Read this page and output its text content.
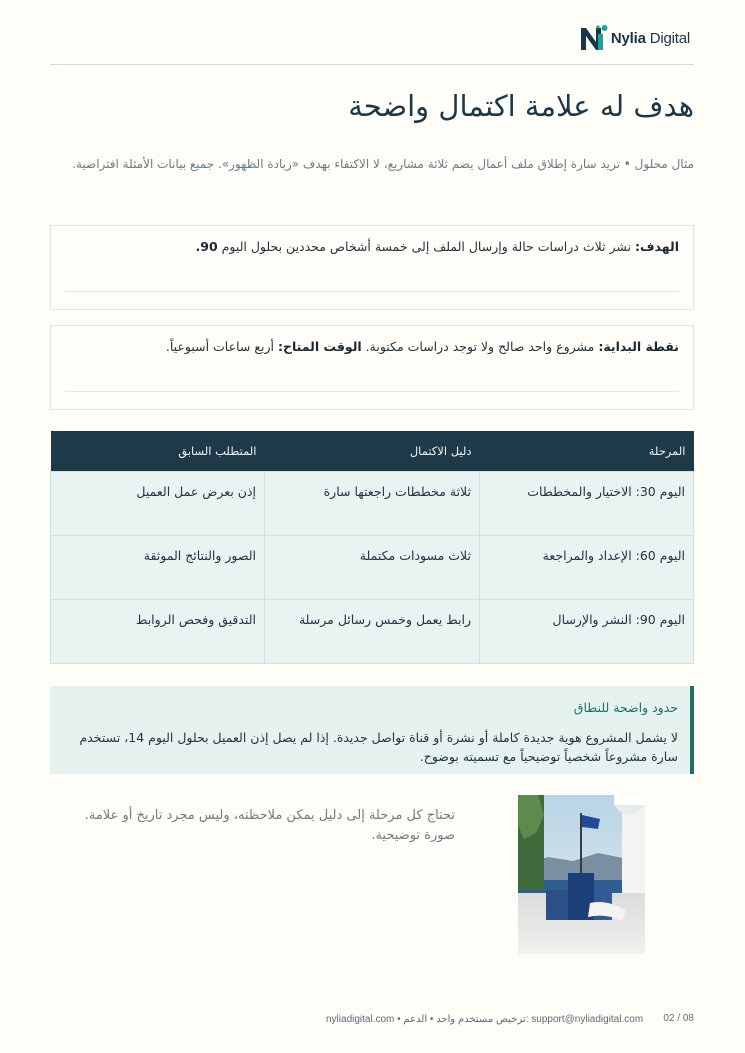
Nylia Digital
هدف له علامة اكتمال واضحة
مثال محلول • تريد سارة إطلاق ملف أعمال يضم ثلاثة مشاريع، لا الاكتفاء بهدف «زيادة الظهور». جميع بيانات الأمثلة افتراضية.

الهدف: نشر ثلاث دراسات حالة وإرسال الملف إلى خمسة أشخاص محددين بحلول اليوم 90.

نقطة البداية: مشروع واحد صالح ولا توجد دراسات مكتوبة. الوقت المتاح: أربع ساعات أسبوعياً.

المرحلة	دليل الاكتمال	المتطلب السابق
اليوم 30: الاختيار والمخططات	ثلاثة مخططات راجعتها سارة	إذن بعرض عمل العميل
اليوم 60: الإعداد والمراجعة	ثلاث مسودات مكتملة	الصور والنتائج الموثقة
اليوم 90: النشر والإرسال	رابط يعمل وخمس رسائل مرسلة	التدقيق وفحص الروابط
حدود واضحة للنطاق

لا يشمل المشروع هوية جديدة كاملة أو نشرة أو قناة تواصل جديدة. إذا لم يصل إذن العميل بحلول اليوم 14، تستخدم سارة مشروعاً شخصياً توضيحياً مع تسميته بوضوح.

تحتاج كل مرحلة إلى دليل يمكن ملاحظته، وليس مجرد تاريخ أو علامة. صورة توضيحية.
nyliadigital.com • ترخيص مستخدم واحد • الدعم: support@nyliadigital.com 02 / 08
